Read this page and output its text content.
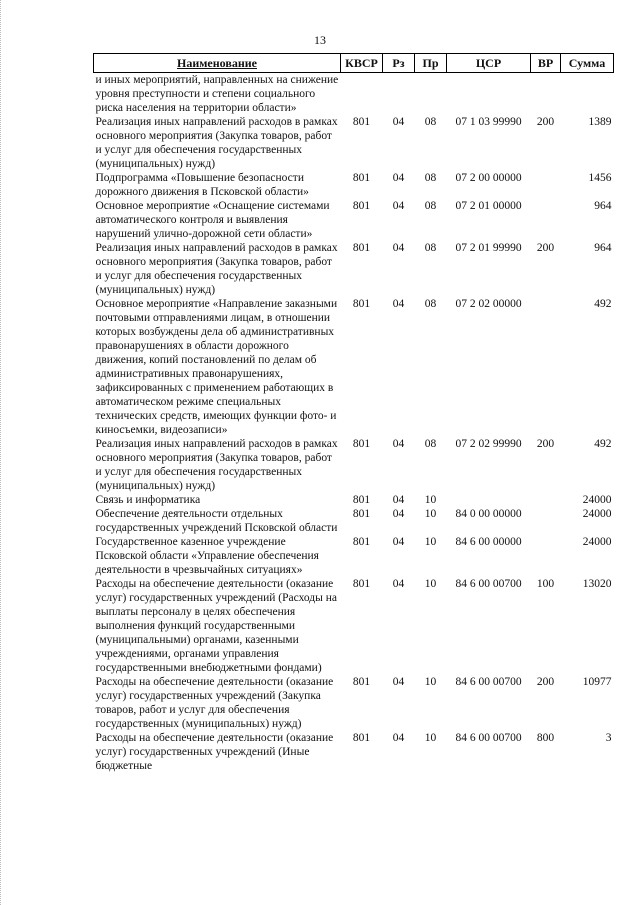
13
Наименование	КВСР	Рз	Пр	ЦСР	ВР	Сумма
и иных мероприятий, направленных на снижение уровня преступности и степени социального риска населения на территории области»						
Реализация иных направлений расходов в рамках основного мероприятия (Закупка товаров, работ и услуг для обеспечения государственных (муниципальных) нужд)	801	04	08	07 1 03 99990	200	1389
Подпрограмма «Повышение безопасности дорожного движения в Псковской области»	801	04	08	07 2 00 00000		1456
Основное мероприятие «Оснащение системами автоматического контроля и выявления нарушений улично-дорожной сети области»	801	04	08	07 2 01 00000		964
Реализация иных направлений расходов в рамках основного мероприятия (Закупка товаров, работ и услуг для обеспечения государственных (муниципальных) нужд)	801	04	08	07 2 01 99990	200	964
Основное мероприятие «Направление заказными почтовыми отправлениями лицам, в отношении которых возбуждены дела об административных правонарушениях в области дорожного движения, копий постановлений по делам об административных правонарушениях, зафиксированных с применением работающих в автоматическом режиме специальных технических средств, имеющих функции фото- и киносъемки, видеозаписи»	801	04	08	07 2 02 00000		492
Реализация иных направлений расходов в рамках основного мероприятия (Закупка товаров, работ и услуг для обеспечения государственных (муниципальных) нужд)	801	04	08	07 2 02 99990	200	492
Связь и информатика	801	04	10			24000
Обеспечение деятельности отдельных государственных учреждений Псковской области	801	04	10	84 0 00 00000		24000
Государственное казенное учреждение Псковской области «Управление обеспечения деятельности в чрезвычайных ситуациях»	801	04	10	84 6 00 00000		24000
Расходы на обеспечение деятельности (оказание услуг) государственных учреждений (Расходы на выплаты персоналу в целях обеспечения выполнения функций государственными (муниципальными) органами, казенными учреждениями, органами управления государственными внебюджетными фондами)	801	04	10	84 6 00 00700	100	13020
Расходы на обеспечение деятельности (оказание услуг) государственных учреждений (Закупка товаров, работ и услуг для обеспечения государственных (муниципальных) нужд)	801	04	10	84 6 00 00700	200	10977
Расходы на обеспечение деятельности (оказание услуг) государственных учреждений (Иные бюджетные	801	04	10	84 6 00 00700	800	3
